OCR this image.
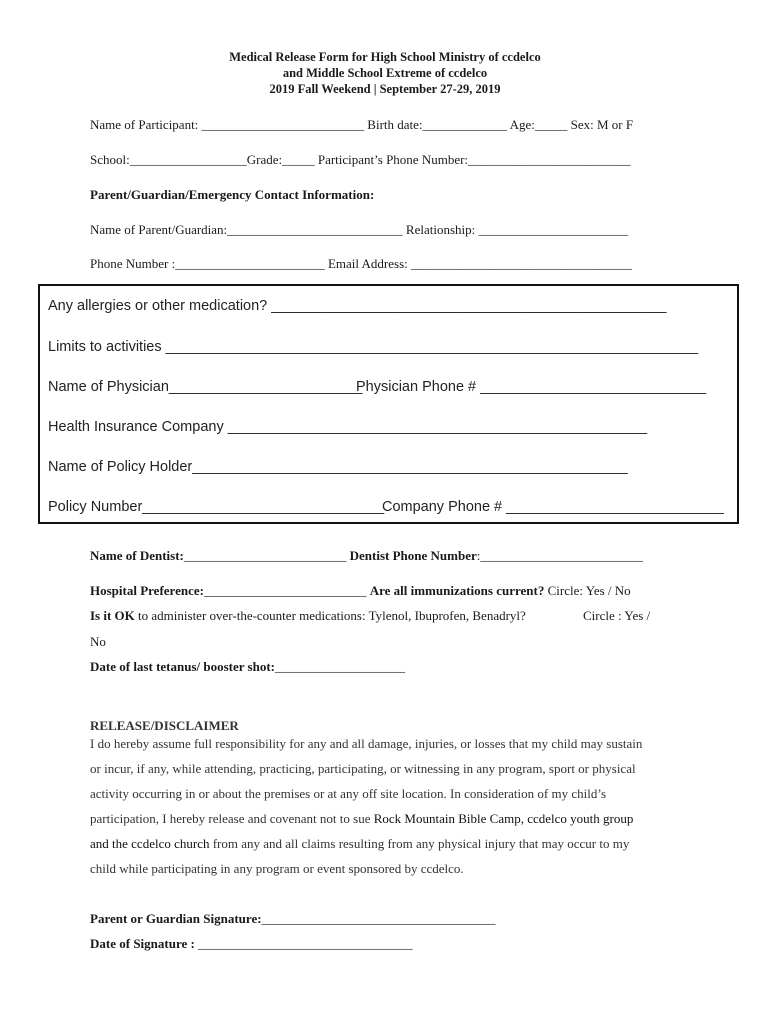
Medical Release Form for High School Ministry of ccdelco
and Middle School Extreme of ccdelco
2019 Fall Weekend | September 27-29, 2019
Name of Participant: _________________________ Birth date:_____________ Age:_____ Sex: M or F
School:__________________Grade:_____ Participant’s Phone Number:_________________________
Parent/Guardian/Emergency Contact Information:
Name of Parent/Guardian:___________________________ Relationship: _______________________
Phone Number :_______________________ Email Address: __________________________________
Any allergies or other medication? _________________________________________________
Limits to activities __________________________________________________________________
Name of Physician________________________
Physician Phone # ____________________________
Health Insurance Company ____________________________________________________
Name of Policy Holder______________________________________________________
Policy Number______________________________
Company Phone # ___________________________
Name of Dentist:_________________________ Dentist Phone Number:_________________________
Hospital Preference:_________________________ Are all immunizations current? Circle: Yes / No
Is it OK to administer over-the-counter medications: Tylenol, Ibuprofen, Benadryl?	Circle : Yes /
No
Date of last tetanus/ booster shot:____________________
RELEASE/DISCLAIMER
I do hereby assume full responsibility for any and all damage, injuries, or losses that my child may sustain
or incur, if any, while attending, practicing, participating, or witnessing in any program, sport or physical
activity occurring in or about the premises or at any off site location. In consideration of my child’s
participation, I hereby release and covenant not to sue Rock Mountain Bible Camp, ccdelco youth group
and the ccdelco church from any and all claims resulting from any physical injury that may occur to my
child while participating in any program or event sponsored by ccdelco.
Parent or Guardian Signature:____________________________________
Date of Signature : _________________________________
